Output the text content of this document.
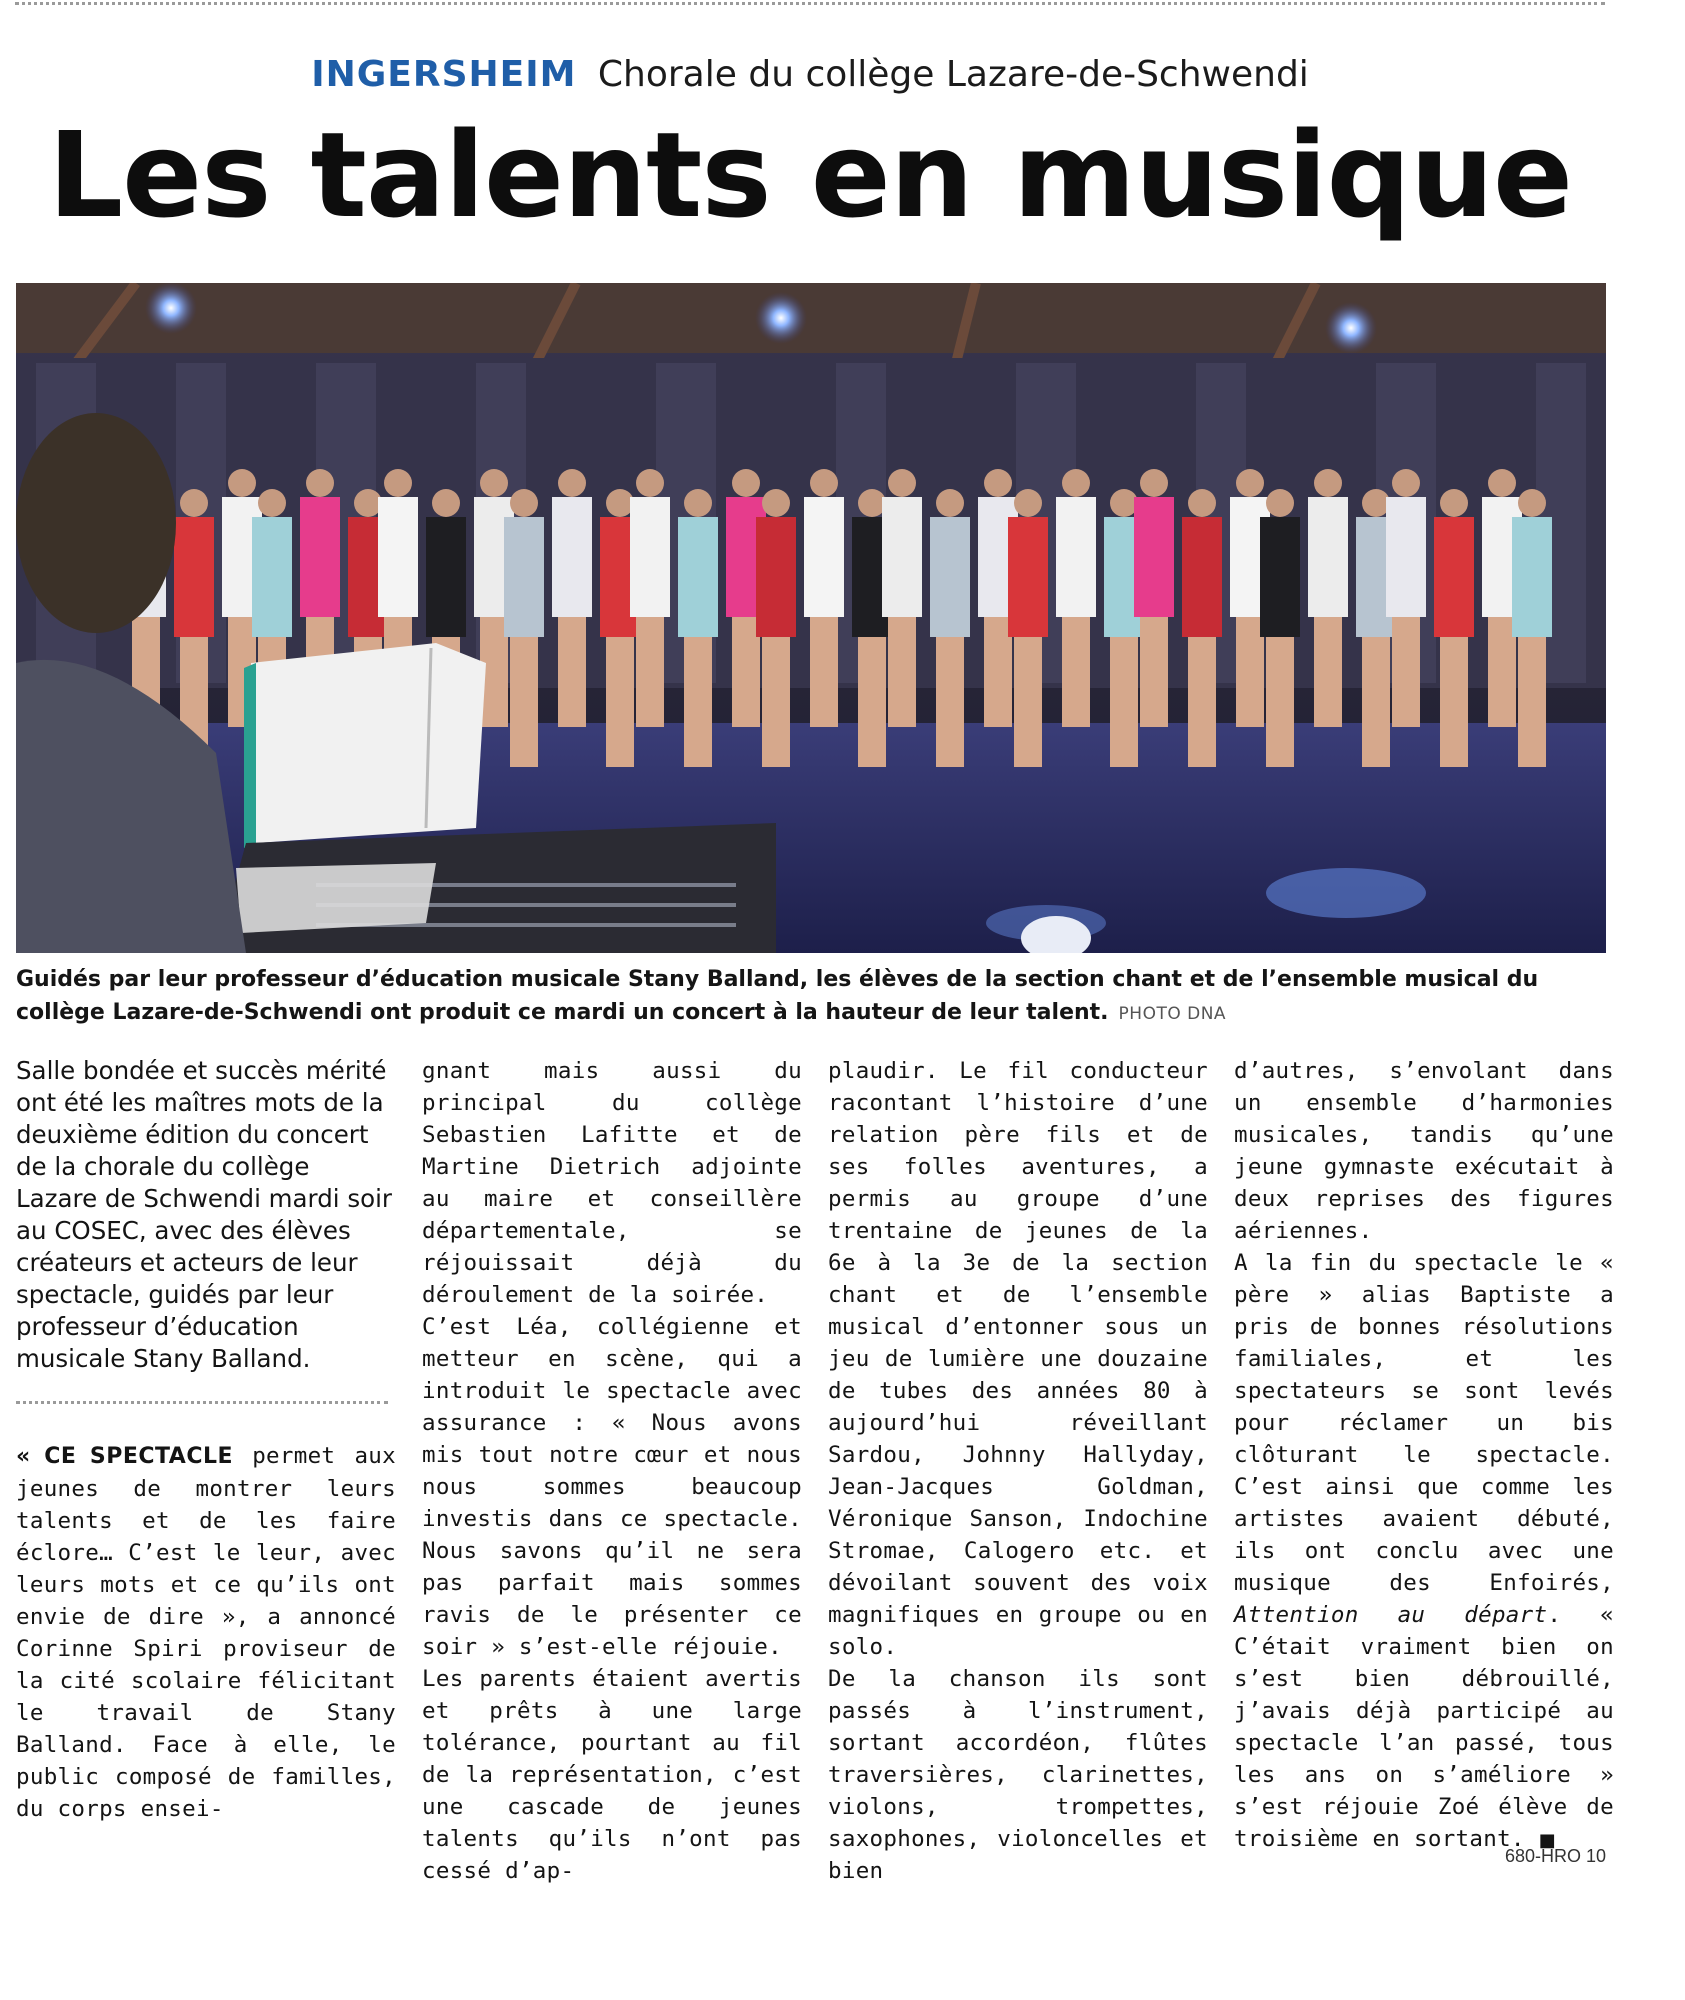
INGERSHEIM Chorale du collège Lazare-de-Schwendi
Les talents en musique
Guidés par leur professeur d’éducation musicale Stany Balland, les élèves de la section chant et de l’ensemble musical du collège Lazare-de-Schwendi ont produit ce mardi un concert à la hauteur de leur talent. PHOTO DNA

Salle bondée et succès mérité ont été les maîtres mots de la deuxième édition du concert de la chorale du collège Lazare de Schwendi mardi soir au COSEC, avec des élèves créateurs et acteurs de leur spectacle, guidés par leur professeur d’éducation musicale Stany Balland.

« CE SPECTACLE permet aux jeunes de montrer leurs talents et de les faire éclore… C’est le leur, avec leurs mots et ce qu’ils ont envie de dire », a annoncé Corinne Spiri proviseur de la cité scolaire félicitant le travail de Stany Balland. Face à elle, le public composé de familles, du corps ensei-

gnant mais aussi du principal du collège Sebastien Lafitte et de Martine Dietrich adjointe au maire et conseillère départementale, se réjouissait déjà du déroulement de la soirée.

C’est Léa, collégienne et metteur en scène, qui a introduit le spectacle avec assurance : « Nous avons mis tout notre cœur et nous nous sommes beaucoup investis dans ce spectacle. Nous savons qu’il ne sera pas parfait mais sommes ravis de le présenter ce soir » s’est-elle réjouie.

Les parents étaient avertis et prêts à une large tolérance, pourtant au fil de la représentation, c’est une cascade de jeunes talents qu’ils n’ont pas cessé d’ap-

plaudir. Le fil conducteur racontant l’histoire d’une relation père fils et de ses folles aventures, a permis au groupe d’une trentaine de jeunes de la 6e à la 3e de la section chant et de l’ensemble musical d’entonner sous un jeu de lumière une douzaine de tubes des années 80 à aujourd’hui réveillant Sardou, Johnny Hallyday, Jean-Jacques Goldman, Véronique Sanson, Indochine Stromae, Calogero etc. et dévoilant souvent des voix magnifiques en groupe ou en solo.

De la chanson ils sont passés à l’instrument, sortant accordéon, flûtes traversières, clarinettes, violons, trompettes, saxophones, violoncelles et bien

d’autres, s’envolant dans un ensemble d’harmonies musicales, tandis qu’une jeune gymnaste exécutait à deux reprises des figures aériennes.

A la fin du spectacle le « père » alias Baptiste a pris de bonnes résolutions familiales, et les spectateurs se sont levés pour réclamer un bis clôturant le spectacle. C’est ainsi que comme les artistes avaient débuté, ils ont conclu avec une musique des Enfoirés, Attention au départ. « C’était vraiment bien on s’est bien débrouillé, j’avais déjà participé au spectacle l’an passé, tous les ans on s’améliore » s’est réjouie Zoé élève de troisième en sortant. ■

680-HRO 10
